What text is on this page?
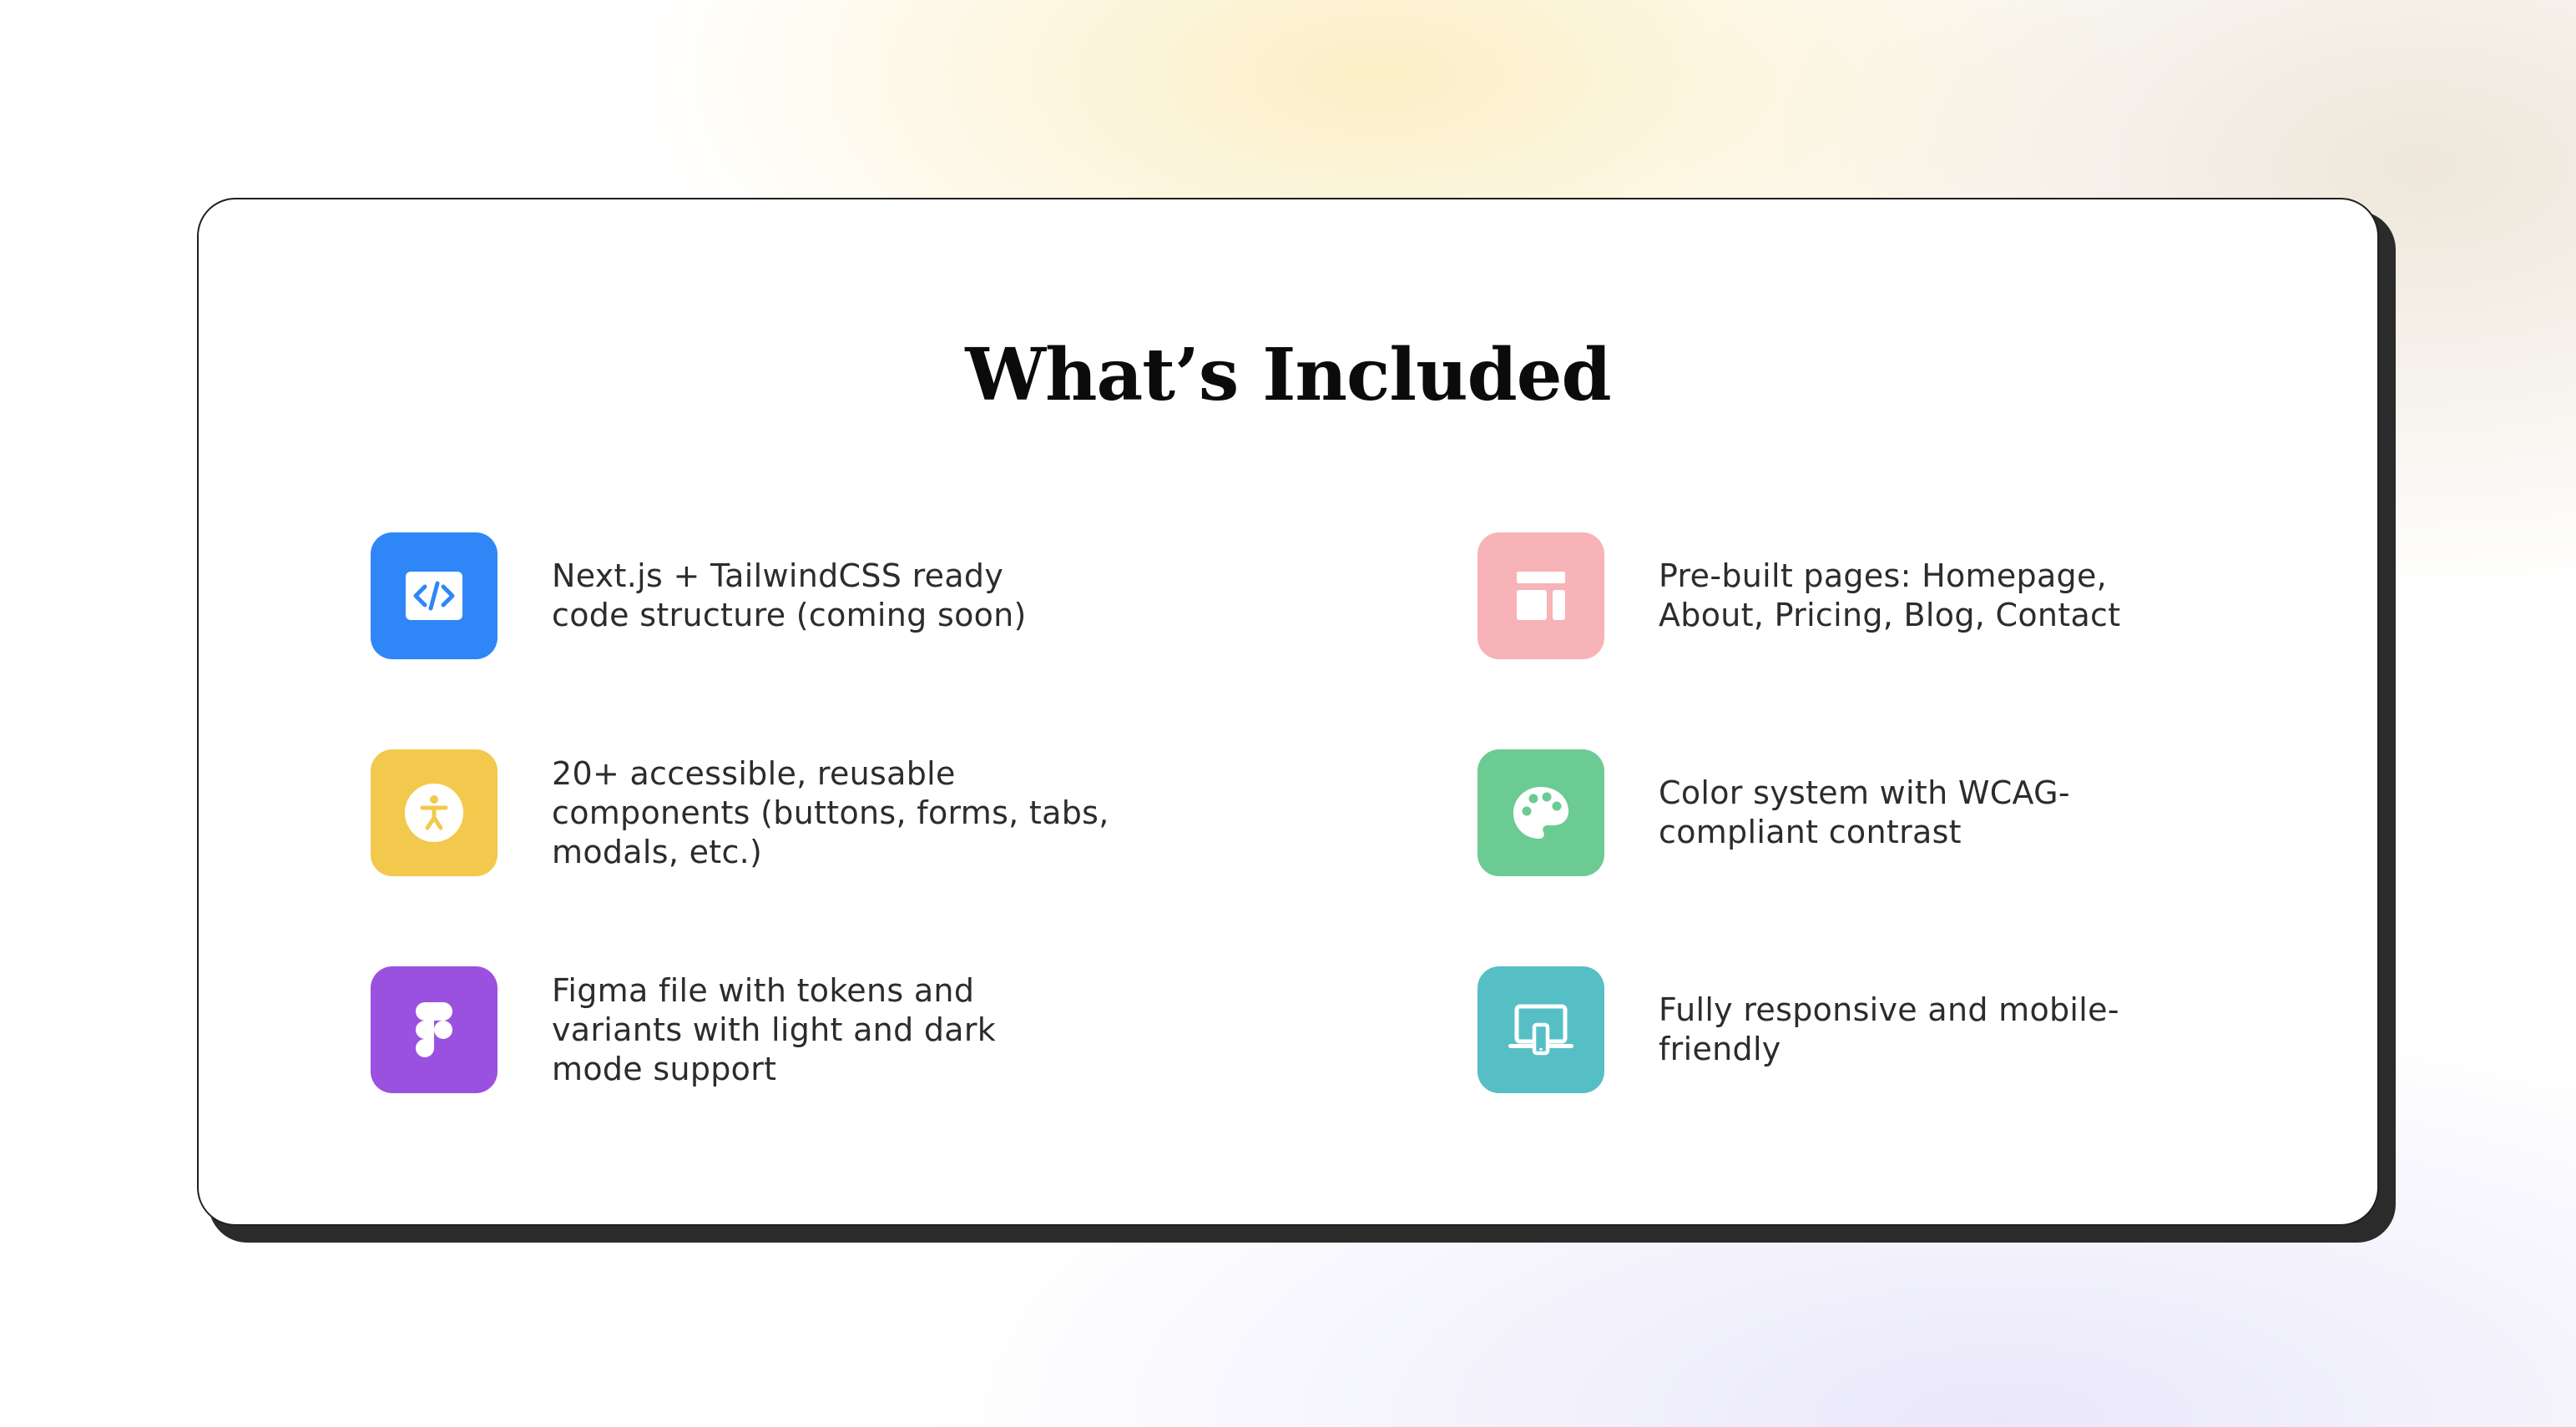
What’s Included
Next.js + TailwindCSS ready
code structure (coming soon)
Pre-built pages: Homepage,
About, Pricing, Blog, Contact
20+ accessible, reusable
components (buttons, forms, tabs,
modals, etc.)
Color system with WCAG-
compliant contrast
Figma file with tokens and
variants with light and dark
mode support
Fully responsive and mobile-
friendly
